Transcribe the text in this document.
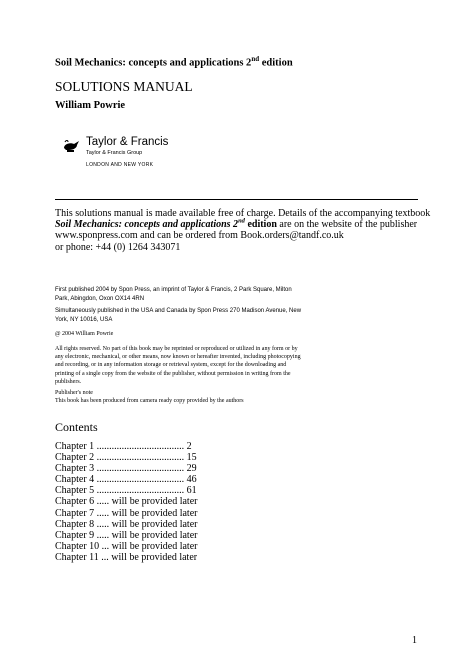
Soil Mechanics: concepts and applications 2nd edition
SOLUTIONS MANUAL
William Powrie
Taylor & Francis
Taylor & Francis Group
LONDON AND NEW YORK
This solutions manual is made available free of charge. Details of the accompanying textbook
Soil Mechanics: concepts and applications 2nd edition are on the website of the publisher
www.sponpress.com and can be ordered from Book.orders@tandf.co.uk
or phone: +44 (0) 1264 343071
First published 2004 by Spon Press, an imprint of Taylor & Francis, 2 Park Square, Milton
Park, Abingdon, Oxon OX14 4RN
Simultaneously published in the USA and Canada by Spon Press 270 Madison Avenue, New
York, NY 10016, USA
@ 2004 William Powrie
All rights reserved. No part of this book may be reprinted or reproduced or utilized in any form or by
any electronic, mechanical, or other means, now known or hereafter invented, including photocopying
and recording, or in any information storage or retrieval system, except for the downloading and
printing of a single copy from the website of the publisher, without permission in writing from the
publishers.
Publisher's note
This book has been produced from camera ready copy provided by the authors
Contents
Chapter 1 ................................... 2
Chapter 2 ................................... 15
Chapter 3 ................................... 29
Chapter 4 ................................... 46
Chapter 5 ................................... 61
Chapter 6 ..... will be provided later
Chapter 7 ..... will be provided later
Chapter 8 ..... will be provided later
Chapter 9 ..... will be provided later
Chapter 10 ... will be provided later
Chapter 11 ... will be provided later
1
